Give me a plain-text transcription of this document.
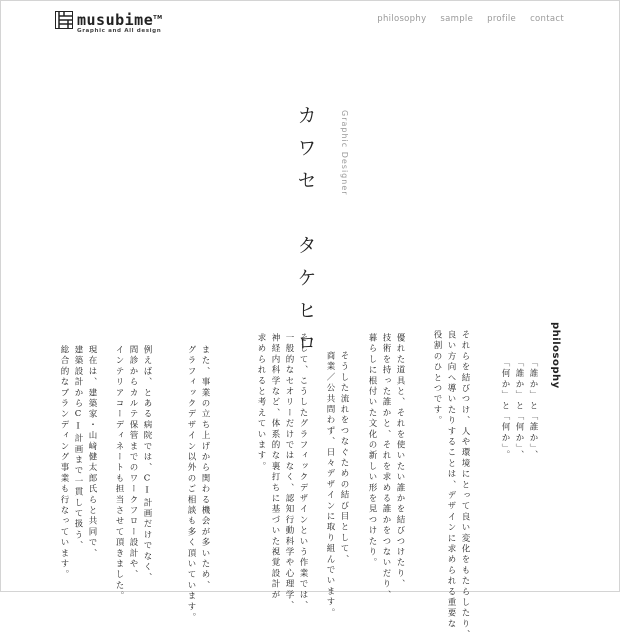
musubime™
Graphic and All design
philosophy sample profile contact
カワセ　タケヒロ	Graphic Designer
philosophy
「誰か」と「誰か」、
「誰か」と「何か」、
「何か」と「何か」。
それらを結びつけ、人や環境にとって良い変化をもたらしたり、
良い方向へ導いたりすることは、デザインに求められる重要な
役割のひとつです。
優れた道具と、それを使いたい誰かを結びつけたり、
技術を持った誰かと、それを求める誰かをつないだり、
暮らしに根付いた文化の新しい形を見つけたり。
そうした流れをつなぐための結び目として、
商業／公共問わず、日々デザインに取り組んでいます。
そして、こうしたグラフィックデザインという作業では、
一般的なセオリーだけではなく、認知行動科学や心理学、
神経内科学など、体系的な裏打ちに基づいた視覚設計が
求められると考えています。
また、事業の立ち上げから関わる機会が多いため、
グラフィックデザイン以外のご相談も多く頂いています。
例えば、とある病院では、CI計画だけでなく、
問診からカルテ保管までのワークフロー設計や、
インテリアコーディネートも担当させて頂きました。
現在は、建築家・山﨑健太郎氏らと共同で、
建築設計からCI計画まで一貫して扱う、
総合的なブランディング事業も行なっています。
